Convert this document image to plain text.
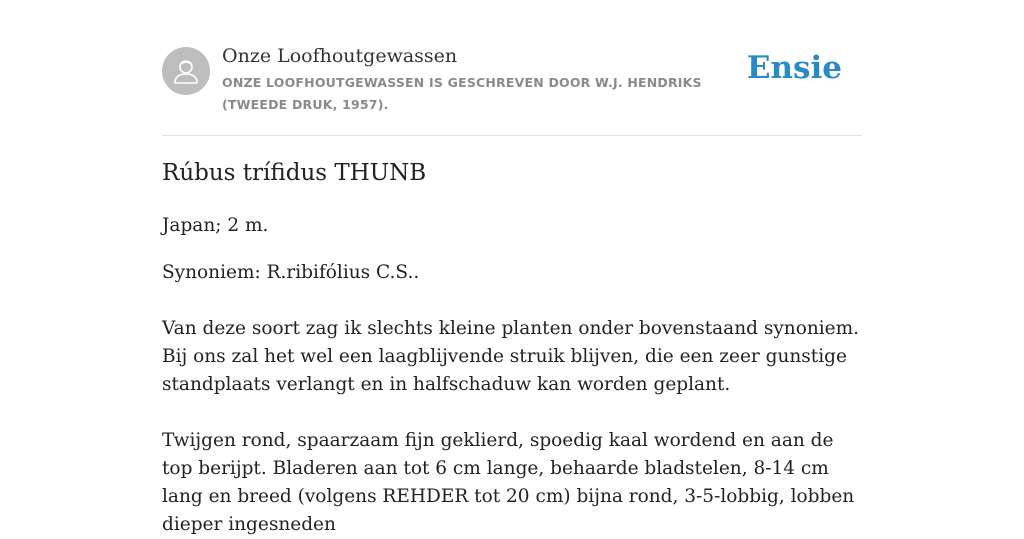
Onze Loofhoutgewassen
ONZE LOOFHOUTGEWASSEN IS GESCHREVEN DOOR W.J. HENDRIKS (TWEEDE DRUK, 1957).
Ensie
Rúbus trífidus THUNB

Japan; 2 m.

Synoniem: R.ribifólius C.S..

Van deze soort zag ik slechts kleine planten onder bovenstaand synoniem. Bij ons zal het wel een laagblijvende struik blijven, die een zeer gunstige standplaats verlangt en in halfschaduw kan worden geplant.

Twijgen rond, spaarzaam fijn geklierd, spoedig kaal wordend en aan de top berijpt. Bladeren aan tot 6 cm lange, behaarde bladstelen, 8-14 cm lang en breed (volgens REHDER tot 20 cm) bijna rond, 3-5-lobbig, lobben dieper ingesneden
